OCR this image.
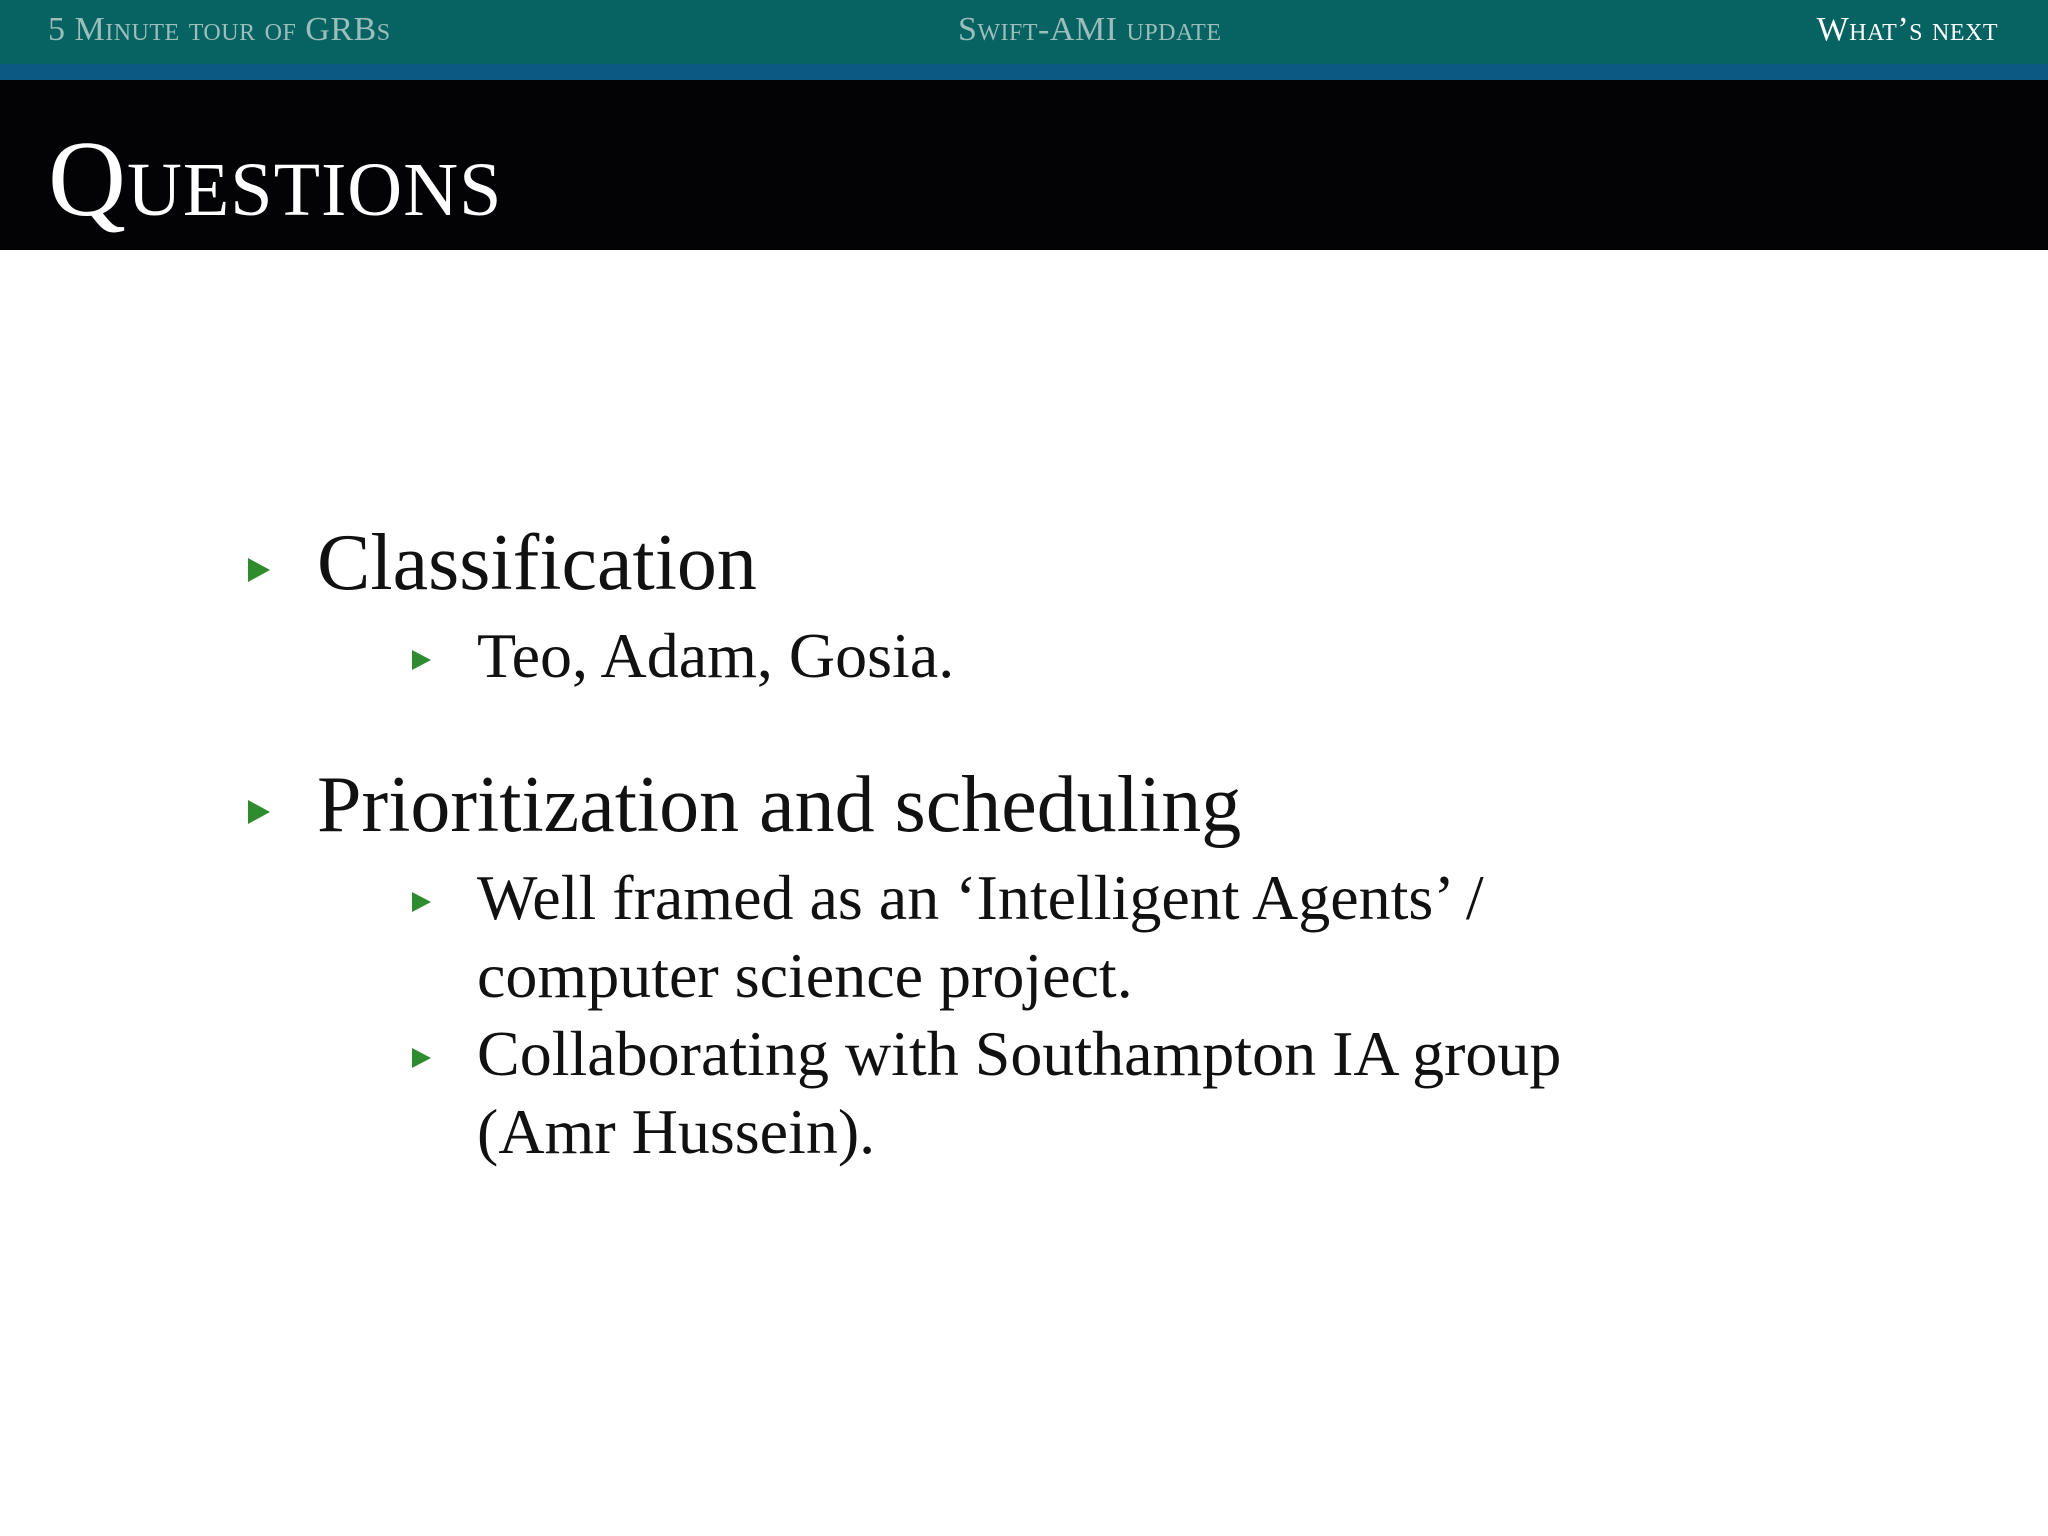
5 Minute tour of GRBs	Swift-AMI update	What’s next
Questions
Classification
Teo, Adam, Gosia.
Prioritization and scheduling
Well framed as an ‘Intelligent Agents’ /
computer science project.
Collaborating with Southampton IA group
(Amr Hussein).
